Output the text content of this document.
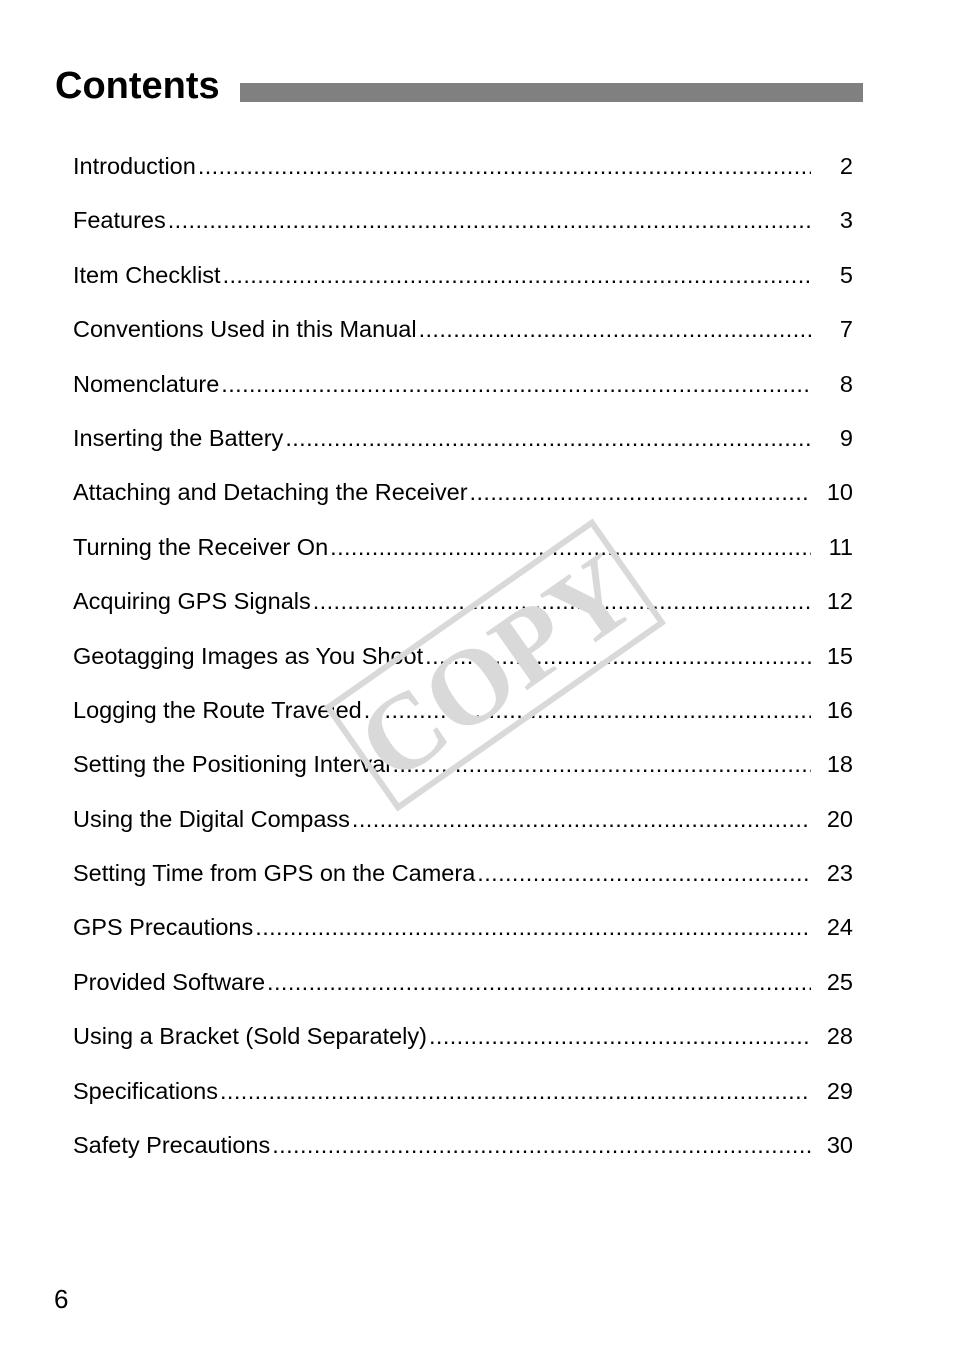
Contents
Introduction .....	2
Features .....	3
Item Checklist .....	5
Conventions Used in this Manual .....	7
Nomenclature .....	8
Inserting the Battery .....	9
Attaching and Detaching the Receiver .....	10
Turning the Receiver On .....	11
Acquiring GPS Signals .....	12
Geotagging Images as You Shoot .....	15
Logging the Route Traveled .....	16
Setting the Positioning Interval .....	18
Using the Digital Compass .....	20
Setting Time from GPS on the Camera .....	23
GPS Precautions .....	24
Provided Software .....	25
Using a Bracket (Sold Separately) .....	28
Specifications .....	29
Safety Precautions .....	30
COPY
6
